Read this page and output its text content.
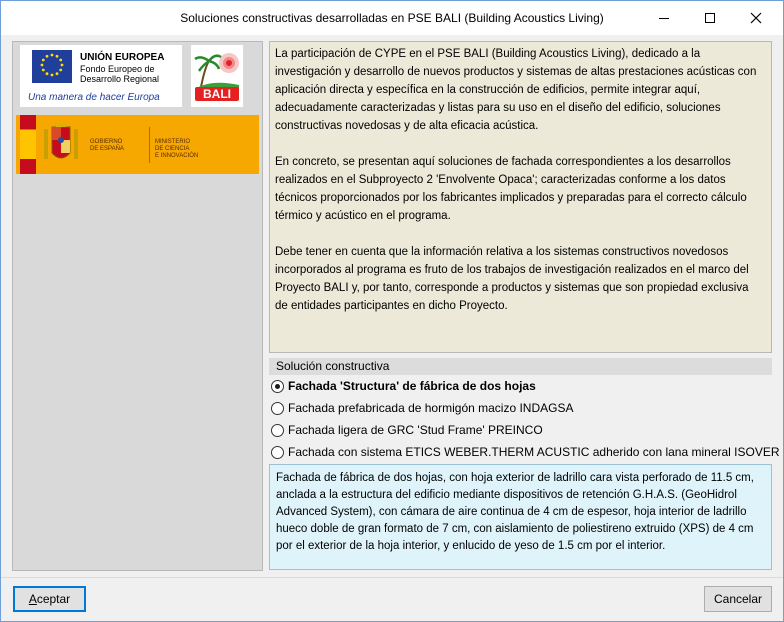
Soluciones constructivas desarrolladas en PSE BALI (Building Acoustics Living)
UNIÓN EUROPEA
Fondo Europeo de
Desarrollo Regional
Una manera de hacer Europa	BALI
GOBIERNO
DE ESPAÑA
MINISTERIO
DE CIENCIA
E INNOVACIÓN

La participación de CYPE en el PSE BALI (Building Acoustics Living), dedicado a la investigación y desarrollo de nuevos productos y sistemas de altas prestaciones acústicas con aplicación directa y específica en la construcción de edificios, permite integrar aquí, adecuadamente caracterizadas y listas para su uso en el diseño del edificio, soluciones constructivas novedosas y de alta eficacia acústica.

En concreto, se presentan aquí soluciones de fachada correspondientes a los desarrollos realizados en el Subproyecto 2 'Envolvente Opaca'; caracterizadas conforme a los datos técnicos proporcionados por los fabricantes implicados y preparadas para el correcto cálculo térmico y acústico en el programa.

Debe tener en cuenta que la información relativa a los sistemas constructivos novedosos incorporados al programa es fruto de los trabajos de investigación realizados en el marco del Proyecto BALI y, por tanto, corresponde a productos y sistemas que son propiedad exclusiva de entidades participantes en dicho Proyecto.

Solución constructiva
Fachada 'Structura' de fábrica de dos hojas
Fachada prefabricada de hormigón macizo INDAGSA
Fachada ligera de GRC 'Stud Frame' PREINCO
Fachada con sistema ETICS WEBER.THERM ACUSTIC adherido con lana mineral ISOVER
Fachada de fábrica de dos hojas, con hoja exterior de ladrillo cara vista perforado de 11.5 cm, anclada a la estructura del edificio mediante dispositivos de retención G.H.A.S. (GeoHidrol Advanced System), con cámara de aire continua de 4 cm de espesor, hoja interior de ladrillo hueco doble de gran formato de 7 cm, con aislamiento de poliestireno extruido (XPS) de 4 cm por el exterior de la hoja interior, y enlucido de yeso de 1.5 cm por el interior.
A ceptar	Cancelar
